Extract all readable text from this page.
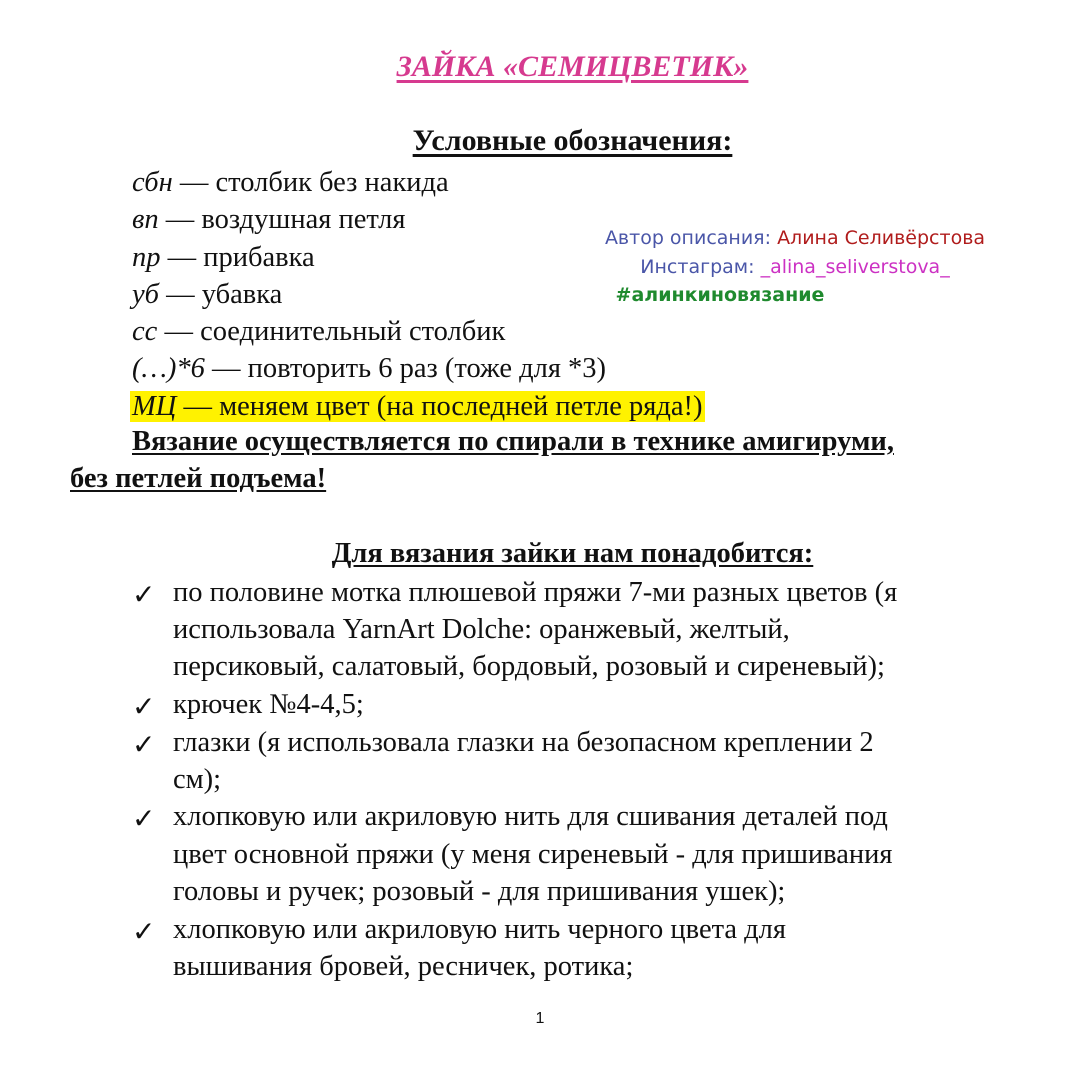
ЗАЙКА «СЕМИЦВЕТИК»
Условные обозначения:
сбн — столбик без накида
вп — воздушная петля
пр — прибавка
уб — убавка
сс — соединительный столбик
(…)*6 — повторить 6 раз (тоже для *3)
МЦ — меняем цвет (на последней петле ряда!)
Вязание осуществляется по спирали в технике амигируми,
без петлей подъема!
Автор описания: Алина Селивёрстова
Инстаграм: _alina_seliverstova_
#алинкиновязание
Для вязания зайки нам понадобится:
✓ по половине мотка плюшевой пряжи 7-ми разных цветов (я
использовала YarnArt Dolche: оранжевый, желтый,
персиковый, салатовый, бордовый, розовый и сиреневый);
✓ крючек №4-4,5;
✓ глазки (я использовала глазки на безопасном креплении 2
см);
✓ хлопковую или акриловую нить для сшивания деталей под
цвет основной пряжи (у меня сиреневый - для пришивания
головы и ручек; розовый - для пришивания ушек);
✓ хлопковую или акриловую нить черного цвета для
вышивания бровей, ресничек, ротика;
1
